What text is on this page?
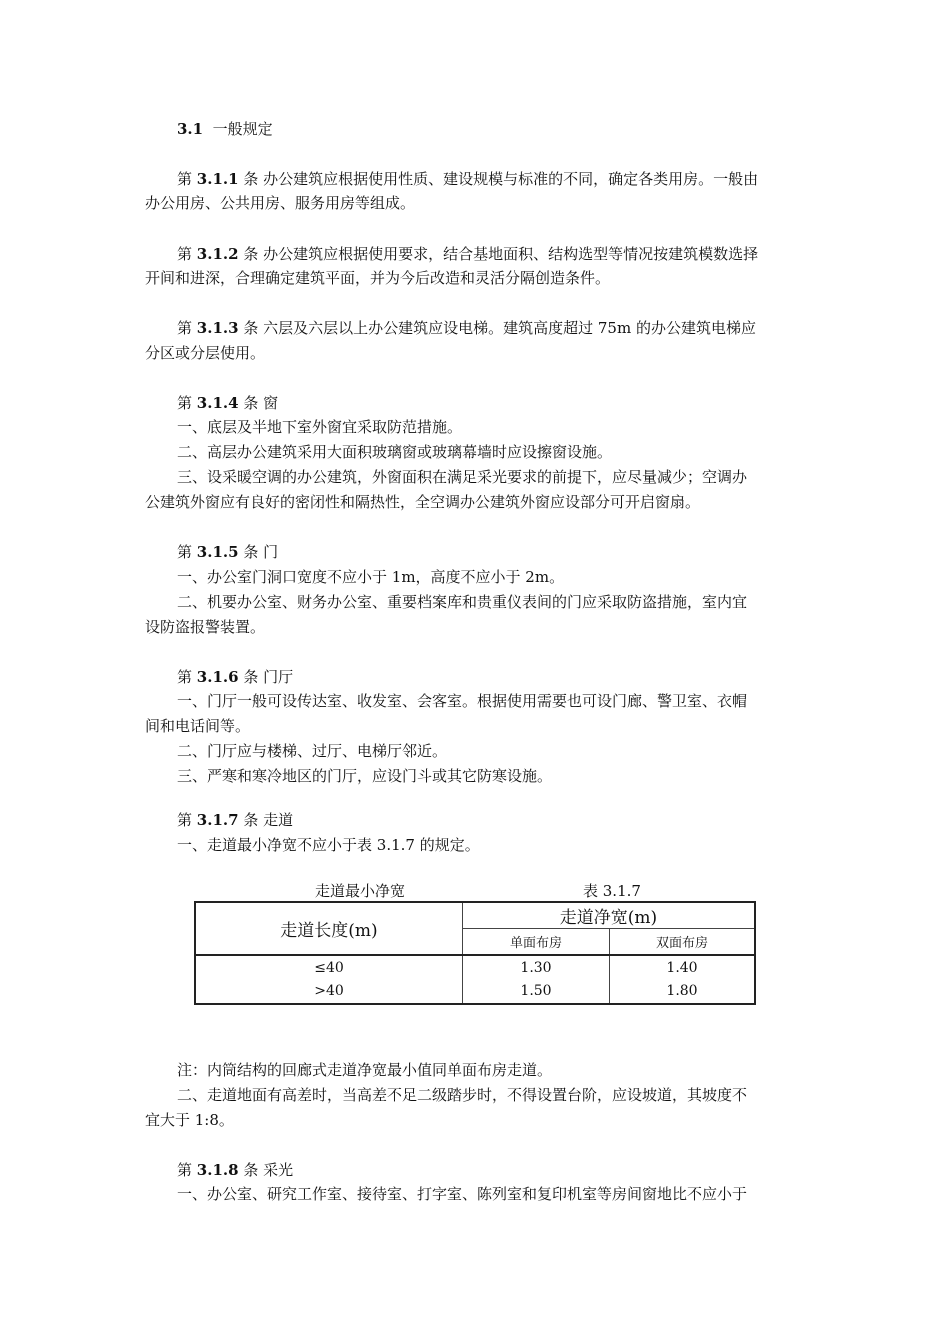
3.1 一般规定
第 3.1.1 条 办公建筑应根据使用性质、建设规模与标准的不同，确定各类用房。一般由
办公用房、公共用房、服务用房等组成。
第 3.1.2 条 办公建筑应根据使用要求，结合基地面积、结构选型等情况按建筑模数选择
开间和进深，合理确定建筑平面，并为今后改造和灵活分隔创造条件。
第 3.1.3 条 六层及六层以上办公建筑应设电梯。建筑高度超过 75m 的办公建筑电梯应
分区或分层使用。
第 3.1.4 条 窗
一、底层及半地下室外窗宜采取防范措施。
二、高层办公建筑采用大面积玻璃窗或玻璃幕墙时应设擦窗设施。
三、设采暖空调的办公建筑，外窗面积在满足采光要求的前提下，应尽量减少；空调办
公建筑外窗应有良好的密闭性和隔热性，全空调办公建筑外窗应设部分可开启窗扇。
第 3.1.5 条 门
一、办公室门洞口宽度不应小于 1m，高度不应小于 2m。
二、机要办公室、财务办公室、重要档案库和贵重仪表间的门应采取防盗措施，室内宜
设防盗报警装置。
第 3.1.6 条 门厅
一、门厅一般可设传达室、收发室、会客室。根据使用需要也可设门廊、警卫室、衣帽
间和电话间等。
二、门厅应与楼梯、过厅、电梯厅邻近。
三、严寒和寒冷地区的门厅，应设门斗或其它防寒设施。
第 3.1.7 条 走道
一、走道最小净宽不应小于表 3.1.7 的规定。
走道最小净宽	表 3.1.7
走道长度(m)	走道净宽(m)	
	单面布房	双面布房
≤40	1.30	1.40
>40	1.50	1.80
注：内筒结构的回廊式走道净宽最小值同单面布房走道。
二、走道地面有高差时，当高差不足二级踏步时，不得设置台阶，应设坡道，其坡度不
宜大于 1:8。
第 3.1.8 条 采光
一、办公室、研究工作室、接待室、打字室、陈列室和复印机室等房间窗地比不应小于
